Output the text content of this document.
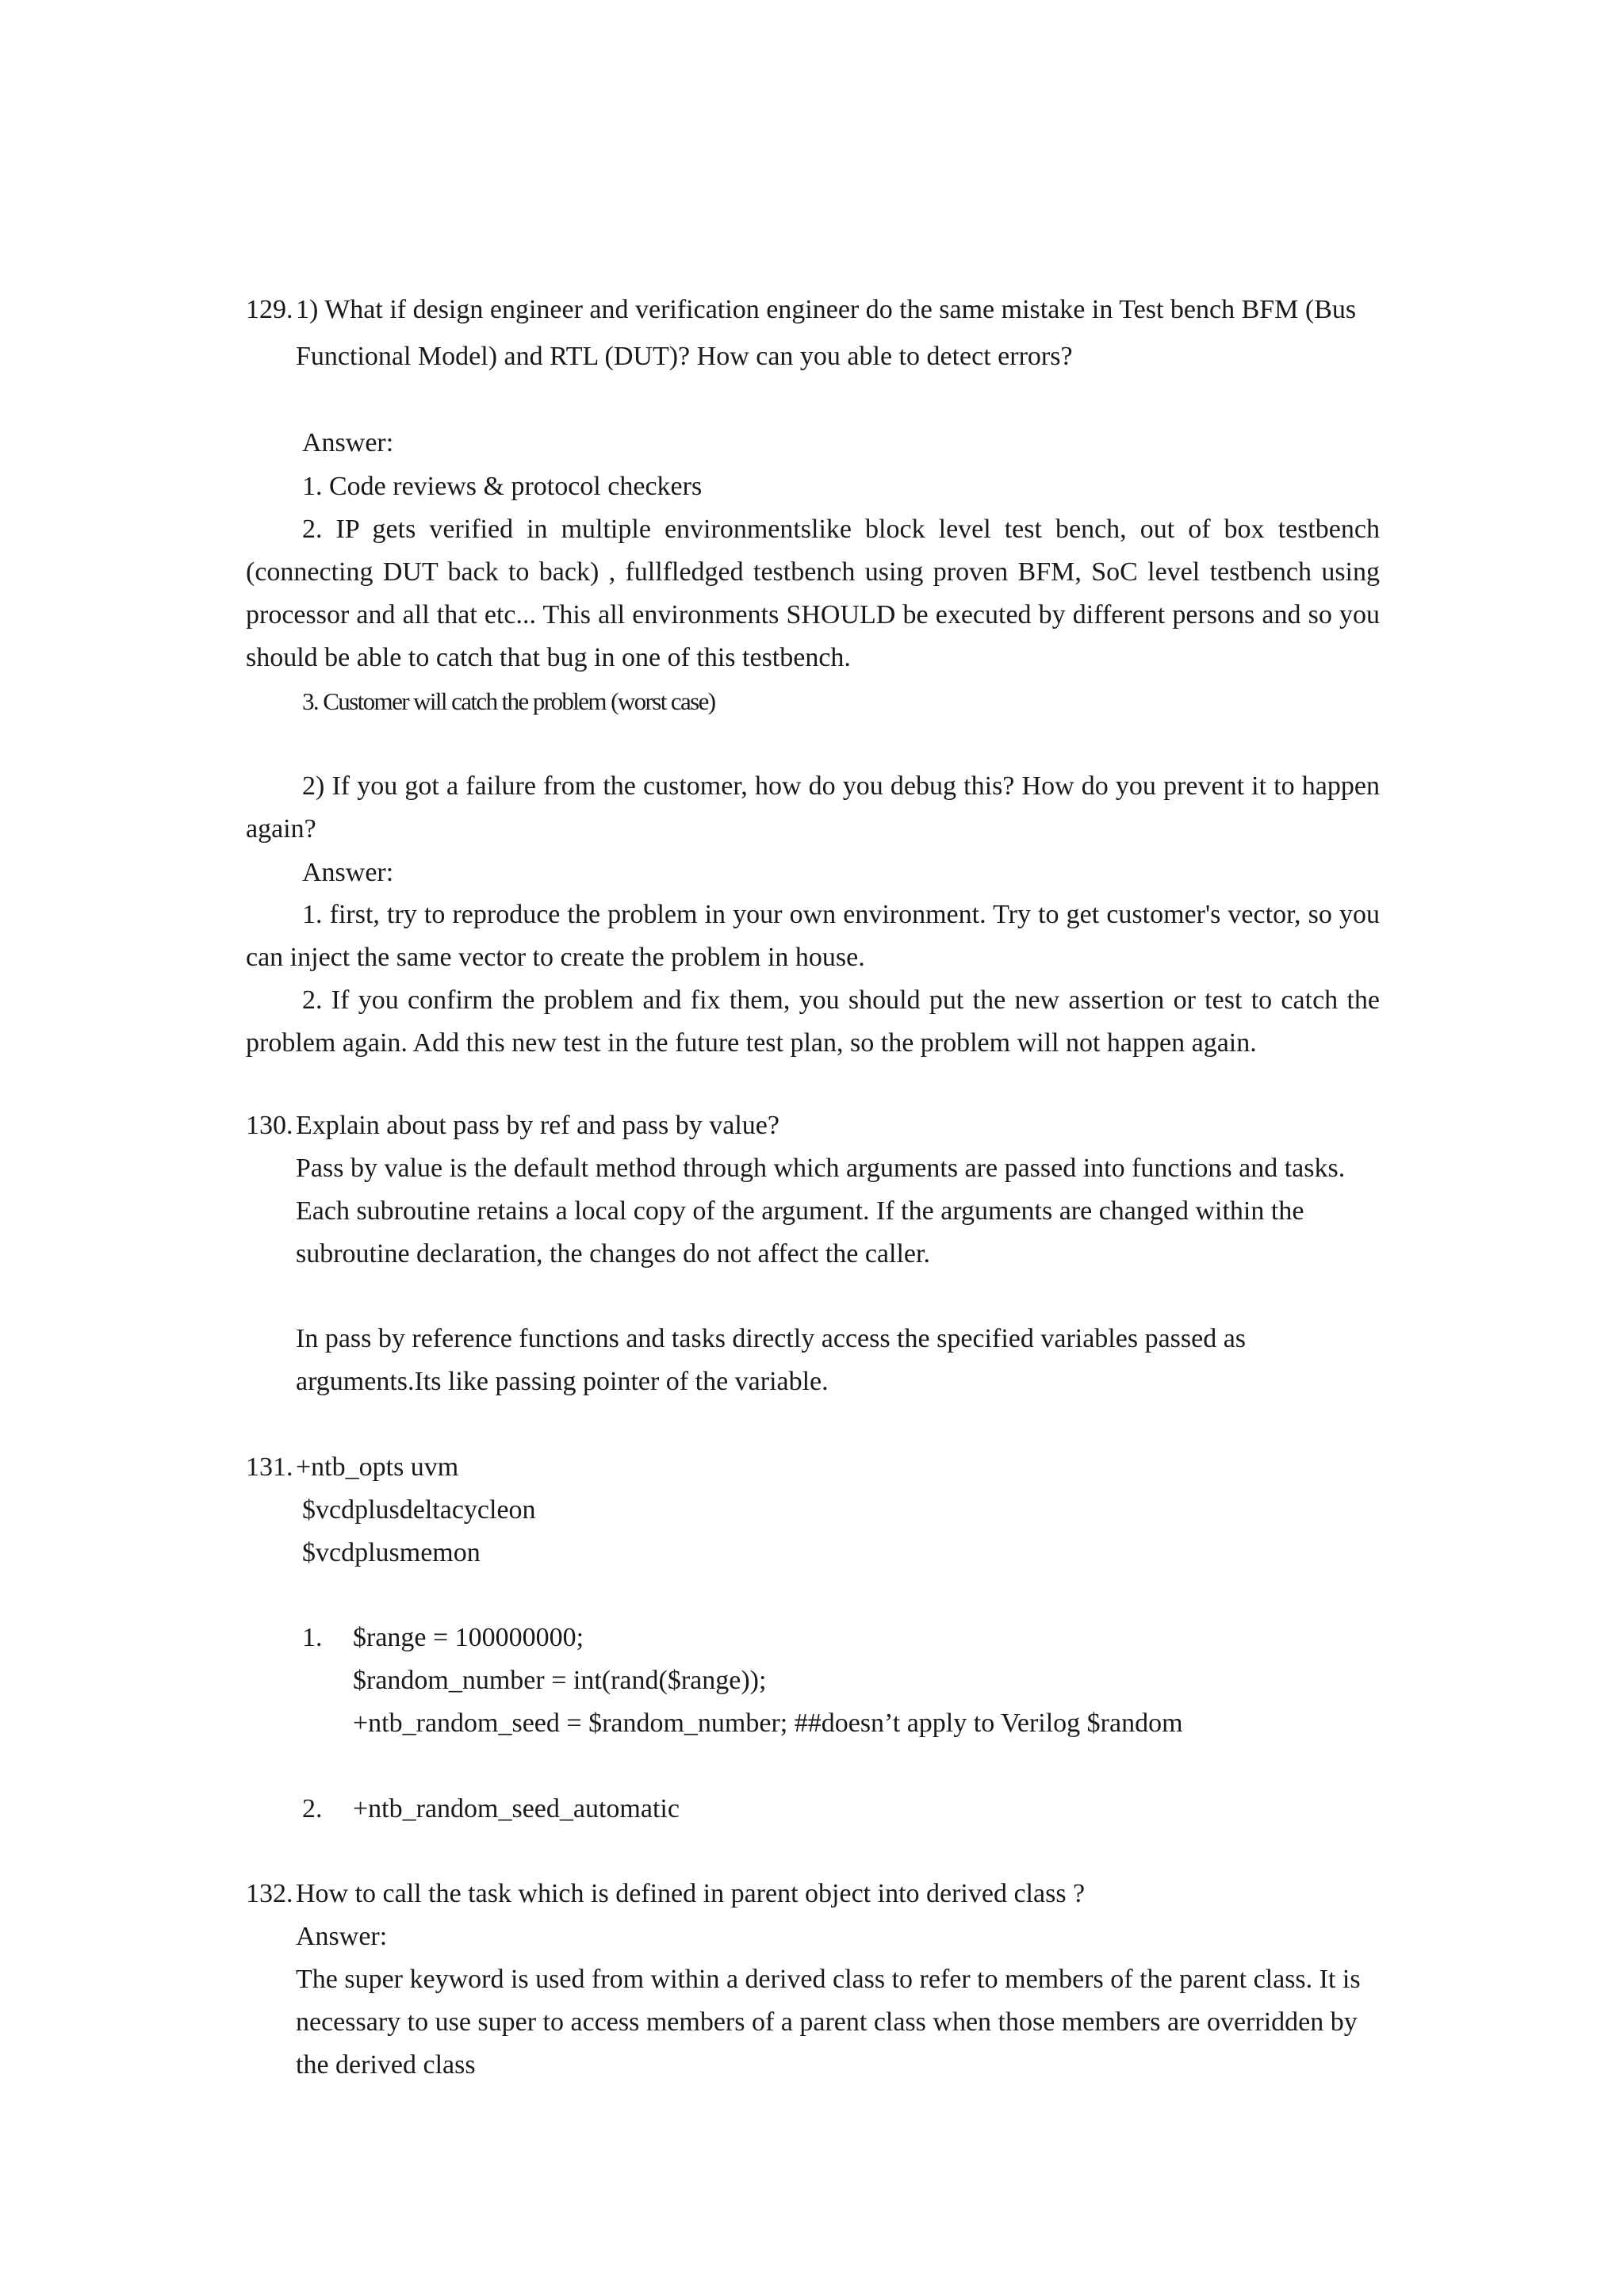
129. 1) What if design engineer and verification engineer do the same mistake in Test bench BFM (Bus

Functional Model) and RTL (DUT)? How can you able to detect errors?

Answer:

1. Code reviews & protocol checkers

2. IP gets verified in multiple environmentslike block level test bench, out of box testbench (connecting DUT back to back) , fullfledged testbench using proven BFM, SoC level testbench using processor and all that etc... This all environments SHOULD be executed by different persons and so you should be able to catch that bug in one of this testbench.

3. Customer will catch the problem (worst case)

2) If you got a failure from the customer, how do you debug this? How do you prevent it to happen again?

Answer:

1. first, try to reproduce the problem in your own environment. Try to get customer's vector, so you can inject the same vector to create the problem in house.

2. If you confirm the problem and fix them, you should put the new assertion or test to catch the problem again. Add this new test in the future test plan, so the problem will not happen again.

130. Explain about pass by ref and pass by value?

Pass by value is the default method through which arguments are passed into functions and tasks.

Each subroutine retains a local copy of the argument. If the arguments are changed within the

subroutine declaration, the changes do not affect the caller.

In pass by reference functions and tasks directly access the specified variables passed as

arguments.Its like passing pointer of the variable.

131. +ntb_opts uvm

$vcdplusdeltacycleon

$vcdplusmemon

1. $range = 100000000;

$random_number = int(rand($range));

+ntb_random_seed = $random_number; ##doesn’t apply to Verilog $random

2. +ntb_random_seed_automatic

132. How to call the task which is defined in parent object into derived class ?

Answer:

The super keyword is used from within a derived class to refer to members of the parent class. It is

necessary to use super to access members of a parent class when those members are overridden by

the derived class
